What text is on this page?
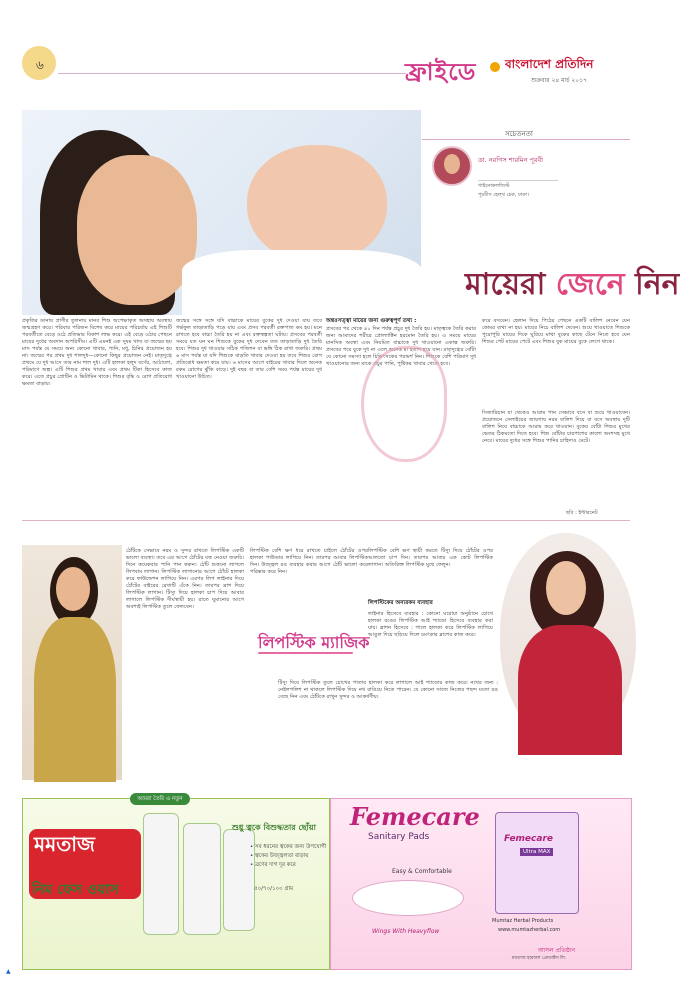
৬	ফ্রাইডে বাংলাদেশ প্রতিদিন
শুক্রবার ২৪ মার্চ ২০১৭
সচেতনতা
ডা. নরগিস শারমিন পূরবী
গাইনোকলজিস্ট
পূরবীস হেল্থ চেক, ঢাকা।
মায়েরা জেনে নিন
প্রকৃতির ডানায় প্রাণীর তুলনায় মানব শিশু অপেক্ষাকৃত অসহায় অবস্থায় জন্মগ্রহণ করে। পরিবার পরিজন বিশেষ করে মায়ের পরিচর্যায় এই শিশুটি পরবর্তীতে বেড়ে ওঠে প্রতিভার বিকাশ লাভ করে। এই বেড়ে ওঠার পেছনে মায়ের দুধের অবদান অপরিসীম। এটি এমনই এক সুষম খাদ্য যা জন্মের ছয় মাস পর্যন্ত যে সময়ে অন্য কোনো খাবার, পানি, মধু, চিনির প্রয়োজন হয় না। জন্মের পর প্রথম দুধ শালদুধ—কোনো কিছুর প্রয়োজন নেই। মাতৃদুগ্ধে প্রথমে যে দুধ আসে তার নাম শাল দুধ। এটি হালকা হলুদ বর্ণের, আঠালো, পরিমাণে অল্প। এটি শিশুর প্রথম খাবার এবং প্রথম টিকা হিসেবে কাজ করে। এতে প্রচুর প্রোটিন ও ভিটামিন থাকে। শিশুর বৃদ্ধি ও রোগ প্রতিরোধ ক্ষমতা বাড়ায়।
জন্মের সঙ্গে সঙ্গে যদি বাচ্চাকে মায়ের বুকের দুধ দেওয়া যায় তবে গর্ভফুল তাড়াতাড়ি পড়ে যায় এবং প্রসব পরবর্তী রক্তপাত কম হয়। মনে রাখতে হবে বাচ্চা তৈরি হয় না এবং রক্তস্বল্পতা ঘটায়। প্রসবের পরবর্তী সময়ে যত ঘন ঘন শিশুকে বুকের দুধ দেবেন তত তাড়াতাড়ি দুধ তৈরি হবে। শিশুর দুধ খাওয়ার সঠিক পজিশন বা ভঙ্গি ঠিক রাখা জরুরি। প্রথম ৬ মাস পর্যন্ত যা যদি শিশুকে বাড়তি খাবার দেওয়া হয় তবে শিশুর রোগ প্রতিরোধ ক্ষমতা কমে যায়। ৬ মাসের আগে বাইরের খাবার দিলে অনেক রকম রোগের ঝুঁকি বাড়ে। দুই বছর বা তার বেশি সময় পর্যন্ত মায়ের দুধ খাওয়ানো উচিত।
অন্তঃসত্ত্বা মায়ের জন্য গুরুত্বপূর্ণ তথ্য :
প্রসবের পর থেকে ৪০ দিন পর্যন্ত প্রচুর দুধ তৈরি হয়। মাতৃত্বকে তৈরি করার জন্য আমাদের শরীরে প্রোল্যাক্টিন হরমোন তৈরি হয়। এ সময়ে মায়ের মানসিক অবস্থা এবং নিয়মিত বাচ্চাকে দুধ খাওয়ানো একান্ত জরুরি। প্রসবের পরে বুকে দুধ না এলে অনেক মা হতাশ হয়ে যান। মাতৃদুগ্ধের বোঁটা যে কোনো সমস্যা হলে চিকিৎসকের পরামর্শ নিন। শিশুকে বেশি পরিমাণ দুধ খাওয়ানোর জন্য মাকে প্রচুর পানি, পুষ্টিকর খাবার খেতে হবে।
করে বসবেন। হেলান দিয়ে পিঠের পেছনে একটি বালিশ নেবেন যেন কোমর ব্যথা না হয়। মায়ের নিচে বালিশ দেবেন। শুয়ে খাওয়াতে শিশুকে পুরোপুরি মায়ের দিকে ঘুরিয়ে মাথা বুকের কাছে টেনে নিতে হবে যেন শিশুর পেট মায়ের পেটে এবং শিশুর বুক মায়ের বুকে লেগে থাকে।
সিজারিয়ান যা থেকেও আরাম পান সেভাবে বসে বা শুয়ে খাওয়াবেন। প্রয়োজনে সেলাইয়ের জায়গায় নরম বালিশ দিয়ে বা বসে অবস্থায় দুটি বালিশ নিয়ে বাচ্চাকে আরাম করে খাওয়ান। বুকের বোঁটা শিশুর মুখের ভেতর ঠিকমতো দিতে হবে। শিশু বোঁটার চারপাশের কালো অংশসহ মুখে নেবে। মায়ের দুধের সঙ্গে শিশুর পানির চাহিদাও মেটে।
ছবি : ইন্টারনেট
ঠোঁটকে সেভাবে নরম ও সুন্দর রাখতে লিপস্টিক একটি ভালো ব্যবস্থা। তবে এর আগে ঠোঁটের যত্ন নেওয়া জরুরি। দিনে কয়েকবার পানি পান করুন। ঠোঁট শুকনো লাগলে লিপবাম লাগান। লিপস্টিক লাগানোর আগে ঠোঁটে হালকা করে ফাউন্ডেশন লাগিয়ে নিন। এরপর লিপ লাইনার দিয়ে ঠোঁটের বাইরের রেখাটি এঁকে নিন। তারপর ব্রাশ দিয়ে লিপস্টিক লাগান। টিস্যু দিয়ে হালকা চাপ দিয়ে আবার লাগালে লিপস্টিক দীর্ঘস্থায়ী হয়। রাতে ঘুমানোর আগে অবশ্যই লিপস্টিক তুলে ফেলবেন।
লিপস্টিক বেশি ক্ষণ ধরে রাখতে চাইলে ঠোঁটের ওপর হালকা পাউডার লাগিয়ে নিন। তারপর আবার লিপস্টিক দিন। উজ্জ্বল রঙ ব্যবহার করার আগে ঠোঁট ভালো করে পরিষ্কার করে নিন।
লিপস্টিক বেশি ক্ষণ স্থায়ী করতে টিস্যু দিয়ে ঠোঁটের ওপর আলতো চাপ দিন। তারপর আবার এক কোট লিপস্টিক লাগান। অতিরিক্ত লিপস্টিক মুছে ফেলুন।
লিপস্টিকের অন্যরকম ব্যবহার
লাইনার হিসেবে ব্যবহার : কোনো ঘরোয়া অনুষ্ঠানে চোখে হালকা রঙের লিপস্টিক আই শ্যাডো হিসেবে ব্যবহার করা যায়। ব্লাশন হিসেবে : গালে হালকা করে লিপস্টিক লাগিয়ে আঙুল দিয়ে ছড়িয়ে দিলে চমৎকার ব্লাশের কাজ করে।
টিস্যু দিয়ে লিপস্টিক তুলে চোখের পাতায় হালকা করে লাগালে আই শ্যাডোর কাজ করে। নখের জন্য : নেইলপলিশ না থাকলে লিপস্টিক দিয়ে নখ রাঙিয়ে নিতে পারেন। যে কোনো সাজে নিজের পছন্দ মতো রঙ বেছে নিন এবং ঠোঁটকে রাখুন সুন্দর ও আকর্ষণীয়।
লিপস্টিক ম্যাজিক
আমরা তৈরি এ নতুন স্টাইল
মমতাজ
নিম ফেস ওয়াস
শুধু ত্বকে বিশুদ্ধতার ছোঁয়া
• সব ধরনের ত্বকের জন্য উপযোগী
• ত্বকের উজ্জ্বলতা বাড়ায়
• ব্রণের দাগ দূর করে
৫০/৭০/১০০ গ্রাম
Femecare
Sanitary Pads
Easy & Comfortable
Wings With Heavyflow
Femecare
Ultra MAX
Mumtaz Herbal Products
www.mumtazherbal.com
আসল প্রতিষ্ঠান
মমতাজ হারবাল প্রোডাক্টস লি.
▲
